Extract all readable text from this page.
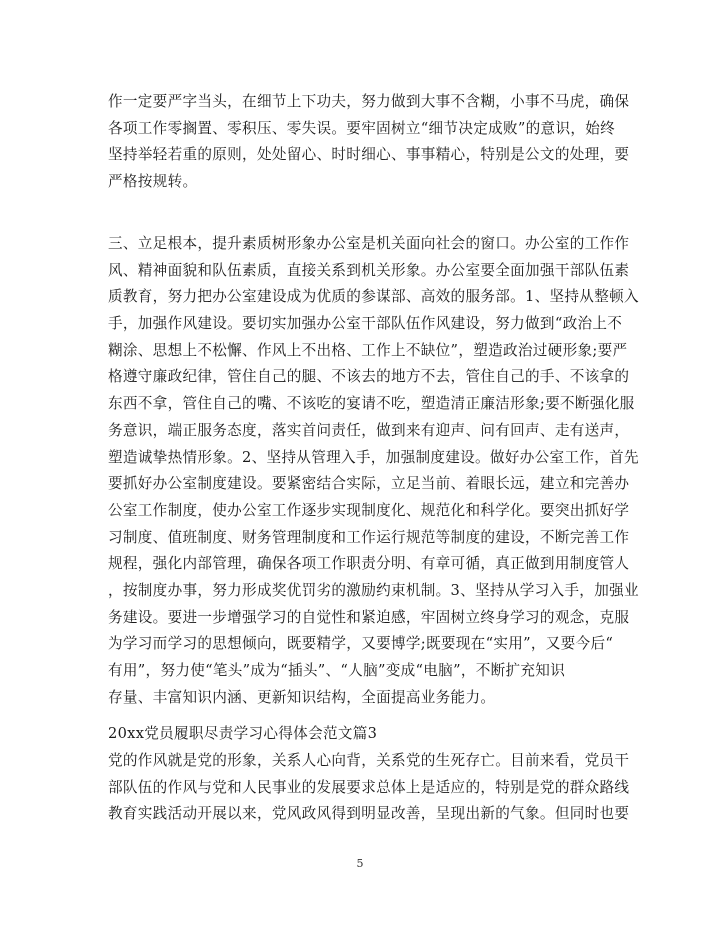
作一定要严字当头，在细节上下功夫，努力做到大事不含糊，小事不马虎，确保
各项工作零搁置、零积压、零失误。要牢固树立“细节决定成败”的意识，始终
坚持举轻若重的原则，处处留心、时时细心、事事精心，特别是公文的处理，要
严格按规转。
三、立足根本，提升素质树形象办公室是机关面向社会的窗口。办公室的工作作
风、精神面貌和队伍素质，直接关系到机关形象。办公室要全面加强干部队伍素
质教育，努力把办公室建设成为优质的参谋部、高效的服务部。1、坚持从整顿入
手，加强作风建设。要切实加强办公室干部队伍作风建设，努力做到“政治上不
糊涂、思想上不松懈、作风上不出格、工作上不缺位”，塑造政治过硬形象;要严
格遵守廉政纪律，管住自己的腿、不该去的地方不去，管住自己的手、不该拿的
东西不拿，管住自己的嘴、不该吃的宴请不吃，塑造清正廉洁形象;要不断强化服
务意识，端正服务态度，落实首问责任，做到来有迎声、问有回声、走有送声，
塑造诚挚热情形象。2、坚持从管理入手，加强制度建设。做好办公室工作，首先
要抓好办公室制度建设。要紧密结合实际，立足当前、着眼长远，建立和完善办
公室工作制度，使办公室工作逐步实现制度化、规范化和科学化。要突出抓好学
习制度、值班制度、财务管理制度和工作运行规范等制度的建设，不断完善工作
规程，强化内部管理，确保各项工作职责分明、有章可循，真正做到用制度管人
，按制度办事，努力形成奖优罚劣的激励约束机制。3、坚持从学习入手，加强业
务建设。要进一步增强学习的自觉性和紧迫感，牢固树立终身学习的观念，克服
为学习而学习的思想倾向，既要精学，又要博学;既要现在“实用”，又要今后“
有用”，努力使“笔头”成为“插头”、“人脑”变成“电脑”，不断扩充知识
存量、丰富知识内涵、更新知识结构，全面提高业务能力。
20xx党员履职尽责学习心得体会范文篇3
党的作风就是党的形象，关系人心向背，关系党的生死存亡。目前来看，党员干
部队伍的作风与党和人民事业的发展要求总体上是适应的，特别是党的群众路线
教育实践活动开展以来，党风政风得到明显改善，呈现出新的气象。但同时也要
5
